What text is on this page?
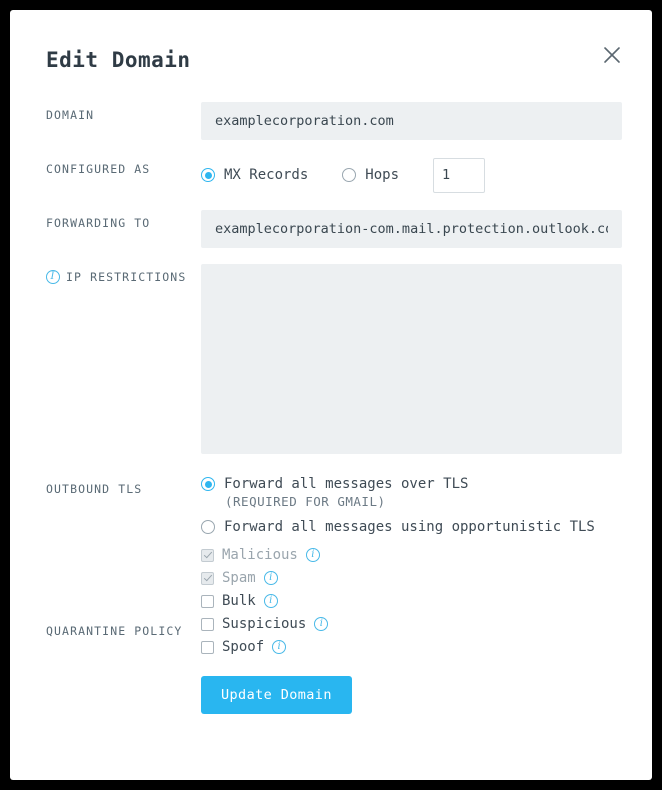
Edit Domain
DOMAIN
examplecorporation.com
CONFIGURED AS	MX Records	Hops
1
FORWARDING TO
examplecorporation-com.mail.protection.outlook.com
I IP RESTRICTIONS
OUTBOUND TLS	Forward all messages over TLS
(REQUIRED FOR GMAIL)
Forward all messages using opportunistic TLS
QUARANTINE POLICY
Malicious	i
Spam	i
Bulk	i
Suspicious	i
Spoof	i
Update Domain
